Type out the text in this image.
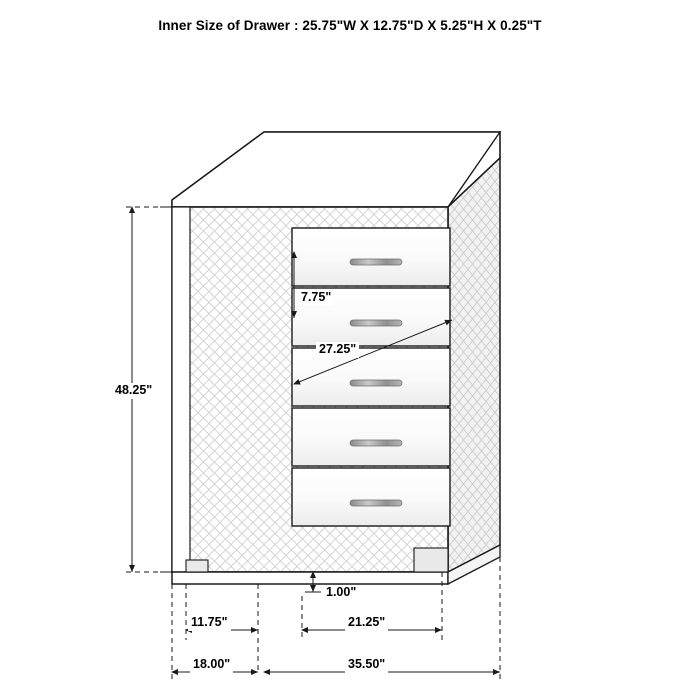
Inner Size of Drawer : 25.75"W X 12.75"D X 5.25"H X 0.25"T
7.75"
27.25"
48.25"
1.00"
11.75"	21.25"
18.00"	35.50"
